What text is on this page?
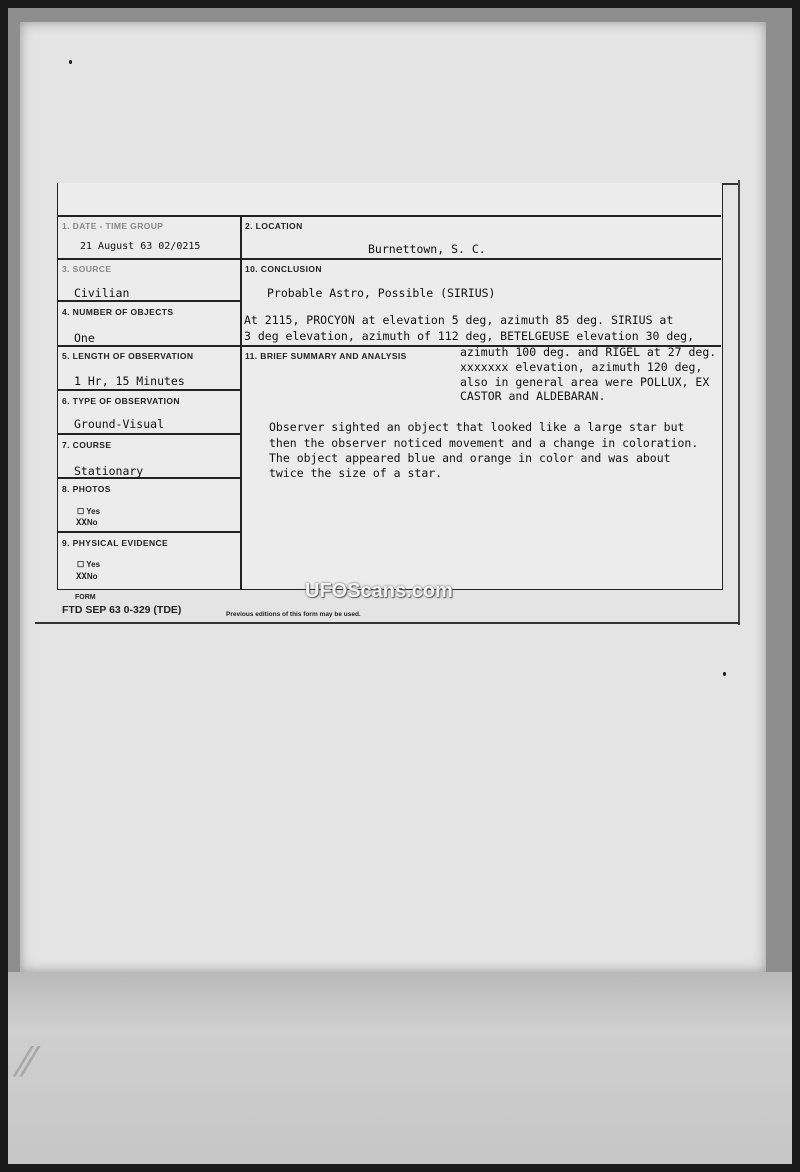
⁄⁄
1. DATE - TIME GROUP
21 August 63 02/0215
2. LOCATION
Burnettown, S. C.
3. SOURCE
Civilian
10. CONCLUSION
Probable Astro, Possible (SIRIUS)
4. NUMBER OF OBJECTS
One
At 2115, PROCYON at elevation 5 deg, azimuth 85 deg. SIRIUS at
3 deg elevation, azimuth of 112 deg, BETELGEUSE elevation 30 deg,
5. LENGTH OF OBSERVATION
1 Hr, 15 Minutes
11. BRIEF SUMMARY AND ANALYSIS	azimuth 100 deg. and RIGEL at 27 deg.
xxxxxxx elevation, azimuth 120 deg,
also in general area were POLLUX, EX
CASTOR and ALDEBARAN.
Observer sighted an object that looked like a large star but
then the observer noticed movement and a change in coloration.
The object appeared blue and orange in color and was about
twice the size of a star.
6. TYPE OF OBSERVATION
Ground-Visual
7. COURSE
Stationary
8. PHOTOS
☐ Yes
XXNo
9. PHYSICAL EVIDENCE
☐ Yes
XXNo
FORM
FTD SEP 63 0-329 (TDE)	Previous editions of this form may be used.
UFOScans.com
